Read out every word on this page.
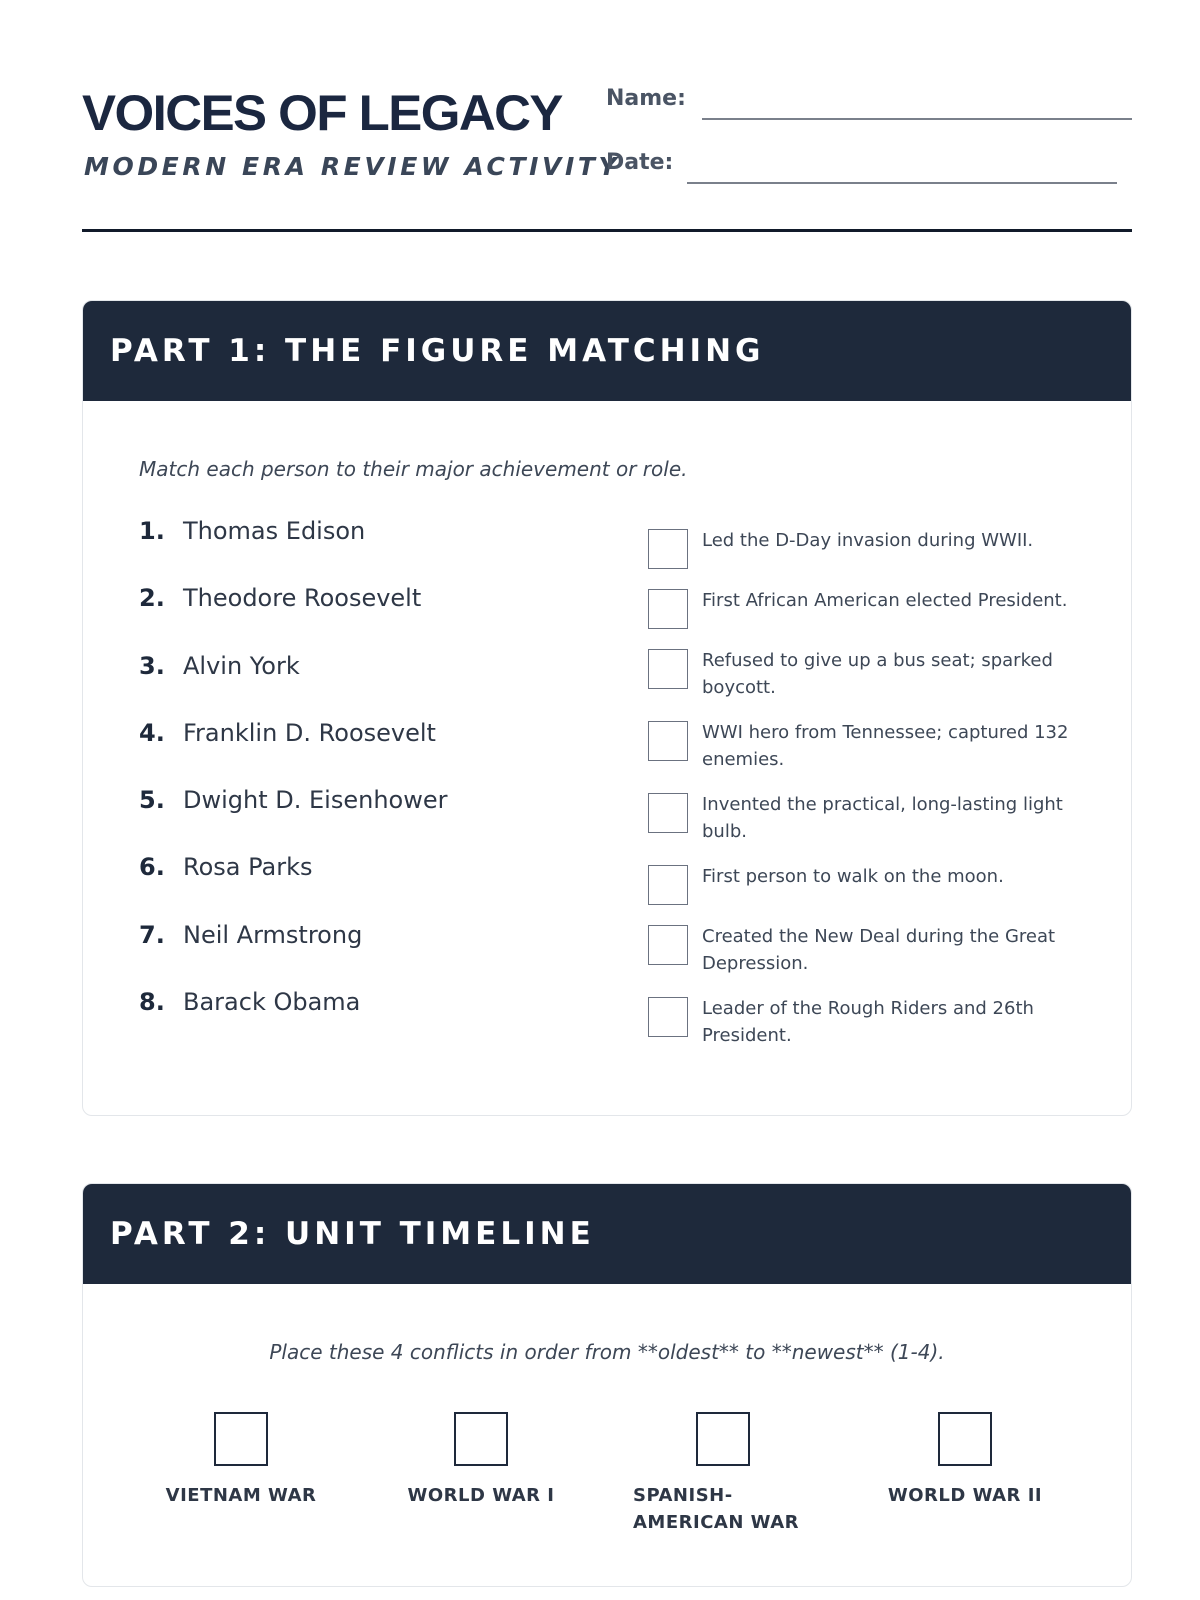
VOICES OF LEGACY
MODERN ERA REVIEW ACTIVITY
Name:
Date:
PART 1: THE FIGURE MATCHING
Match each person to their major achievement or role.
1. Thomas Edison
2. Theodore Roosevelt
3. Alvin York
4. Franklin D. Roosevelt
5. Dwight D. Eisenhower
6. Rosa Parks
7. Neil Armstrong
8. Barack Obama
Led the D-Day invasion during WWII.
First African American elected President.
Refused to give up a bus seat; sparked boycott.
WWI hero from Tennessee; captured 132 enemies.
Invented the practical, long-lasting light bulb.
First person to walk on the moon.
Created the New Deal during the Great Depression.
Leader of the Rough Riders and 26th President.
PART 2: UNIT TIMELINE
Place these 4 conflicts in order from **oldest** to **newest** (1-4).
VIETNAM WAR	WORLD WAR I	SPANISH-AMERICAN WAR
WORLD WAR II
